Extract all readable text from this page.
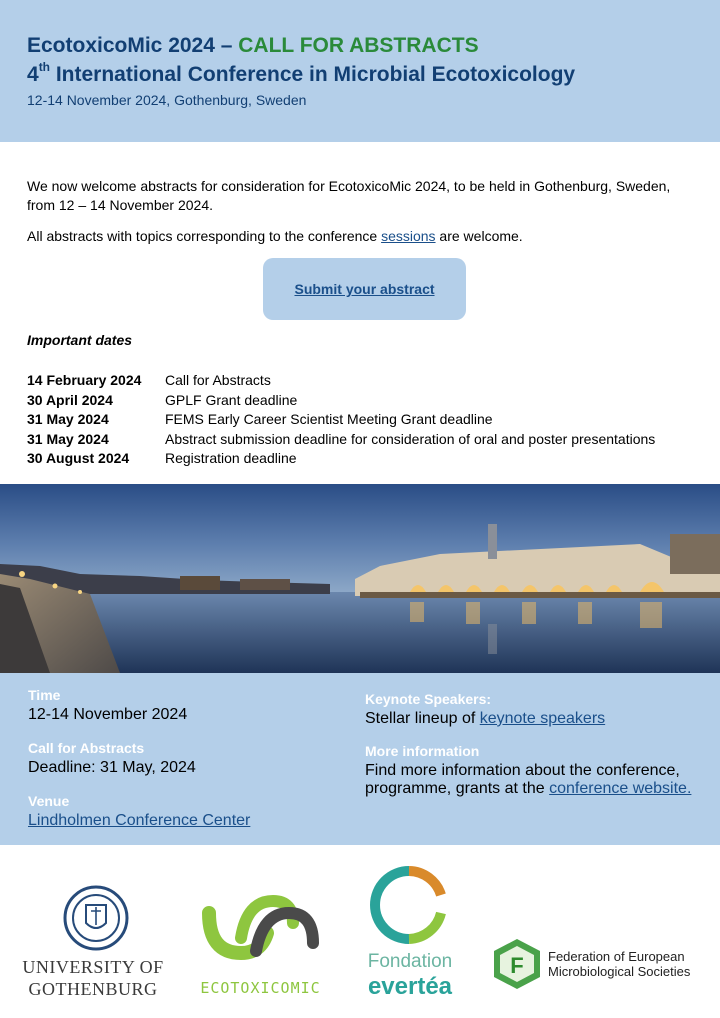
EcotoxicoMic 2024 – CALL FOR ABSTRACTS
4th International Conference in Microbial Ecotoxicology
12-14 November 2024, Gothenburg, Sweden
We now welcome abstracts for consideration for EcotoxicoMic 2024, to be held in Gothenburg, Sweden, from 12 – 14 November 2024.
All abstracts with topics corresponding to the conference sessions are welcome.
Submit your abstract
Important dates
14 February 2024 Call for Abstracts
30 April 2024	GPLF Grant deadline
31 May 2024	FEMS Early Career Scientist Meeting Grant deadline
31 May 2024	Abstract submission deadline for consideration of oral and poster presentations
30 August 2024	Registration deadline
Time
12-14 November 2024
Call for Abstracts
Deadline: 31 May, 2024
Venue
Lindholmen Conference Center
Keynote Speakers:
Stellar lineup of keynote speakers
More information
Find more information about the conference,
programme, grants at the conference website.
UNIVERSITY OF
GOTHENBURG	ECOTOXICOMIC
Fondation
evertéa
F Federation of European
Microbiological Societies
